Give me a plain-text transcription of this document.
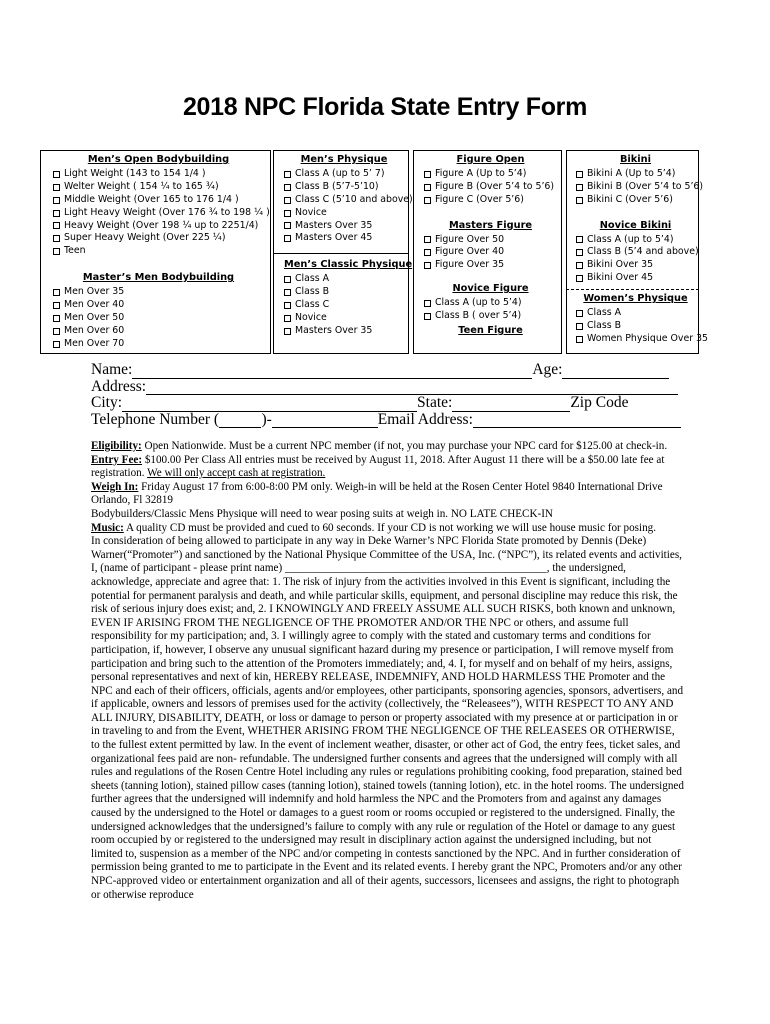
2018 NPC Florida State Entry Form
Men’s Open Bodybuilding
Light Weight (143 to 154 1/4 )
Welter Weight ( 154 ¼ to 165 ¾)
Middle Weight (Over 165 to 176 1/4 )
Light Heavy Weight (Over 176 ¾ to 198 ¼ )
Heavy Weight (Over 198 ¼ up to 2251/4)
Super Heavy Weight (Over 225 ¼)
Teen
Master’s Men Bodybuilding
Men Over 35
Men Over 40
Men Over 50
Men Over 60
Men Over 70
Men’s Physique
Class A (up to 5’ 7)
Class B (5’7-5’10)
Class C (5’10 and above)
Novice
Masters Over 35
Masters Over 45
Men’s Classic Physique
Class A
Class B
Class C
Novice
Masters Over 35
Figure Open
Figure A (Up to 5’4)
Figure B (Over 5’4 to 5’6)
Figure C (Over 5’6)
Masters Figure
Figure Over 50
Figure Over 40
Figure Over 35
Novice Figure
Class A (up to 5’4)
Class B ( over 5’4)
Teen Figure
Bikini
Bikini A (Up to 5’4)
Bikini B (Over 5’4 to 5’6)
Bikini C (Over 5’6)
Novice Bikini
Class A (up to 5’4)
Class B (5’4 and above)
Bikini Over 35
Bikini Over 45
Women’s Physique
Class A
Class B
Women Physique Over 35
Name:	Age:
Address:
City:	State:	Zip Code
Telephone Number (	)-	Email Address:

Eligibility: Open Nationwide. Must be a current NPC member (if not, you may purchase your NPC card for $125.00 at check-in.

Entry Fee: $100.00 Per Class All entries must be received by August 11, 2018. After August 11 there will be a $50.00 late fee at registration. We will only accept cash at registration.

Weigh In: Friday August 17 from 6:00-8:00 PM only. Weigh-in will be held at the Rosen Center Hotel 9840 International Drive Orlando, Fl 32819

Bodybuilders/Classic Mens Physique will need to wear posing suits at weigh in. NO LATE CHECK-IN

Music: A quality CD must be provided and cued to 60 seconds. If your CD is not working we will use house music for posing.

In consideration of being allowed to participate in any way in Deke Warner’s NPC Florida State promoted by Dennis (Deke) Warner(“Promoter”) and sanctioned by the National Physique Committee of the USA, Inc. (“NPC”), its related events and activities, I, (name of participant - please print name) _______________________________________________, the undersigned, acknowledge, appreciate and agree that: 1. The risk of injury from the activities involved in this Event is significant, including the potential for permanent paralysis and death, and while particular skills, equipment, and personal discipline may reduce this risk, the risk of serious injury does exist; and, 2. I KNOWINGLY AND FREELY ASSUME ALL SUCH RISKS, both known and unknown, EVEN IF ARISING FROM THE NEGLIGENCE OF THE PROMOTER AND/OR THE NPC or others, and assume full responsibility for my participation; and, 3. I willingly agree to comply with the stated and customary terms and conditions for participation, if, however, I observe any unusual significant hazard during my presence or participation, I will remove myself from participation and bring such to the attention of the Promoters immediately; and, 4. I, for myself and on behalf of my heirs, assigns, personal representatives and next of kin, HEREBY RELEASE, INDEMNIFY, AND HOLD HARMLESS THE Promoter and the NPC and each of their officers, officials, agents and/or employees, other participants, sponsoring agencies, sponsors, advertisers, and if applicable, owners and lessors of premises used for the activity (collectively, the “Releasees”), WITH RESPECT TO ANY AND ALL INJURY, DISABILITY, DEATH, or loss or damage to person or property associated with my presence at or participation in or in traveling to and from the Event, WHETHER ARISING FROM THE NEGLIGENCE OF THE RELEASEES OR OTHERWISE, to the fullest extent permitted by law. In the event of inclement weather, disaster, or other act of God, the entry fees, ticket sales, and organizational fees paid are non- refundable. The undersigned further consents and agrees that the undersigned will comply with all rules and regulations of the Rosen Centre Hotel including any rules or regulations prohibiting cooking, food preparation, stained bed sheets (tanning lotion), stained pillow cases (tanning lotion), stained towels (tanning lotion), etc. in the hotel rooms. The undersigned further agrees that the undersigned will indemnify and hold harmless the NPC and the Promoters from and against any damages caused by the undersigned to the Hotel or damages to a guest room or rooms occupied or registered to the undersigned. Finally, the undersigned acknowledges that the undersigned’s failure to comply with any rule or regulation of the Hotel or damage to any guest room occupied by or registered to the undersigned may result in disciplinary action against the undersigned including, but not limited to, suspension as a member of the NPC and/or competing in contests sanctioned by the NPC. And in further consideration of permission being granted to me to participate in the Event and its related events. I hereby grant the NPC, Promoters and/or any other NPC-approved video or entertainment organization and all of their agents, successors, licensees and assigns, the right to photograph or otherwise reproduce
